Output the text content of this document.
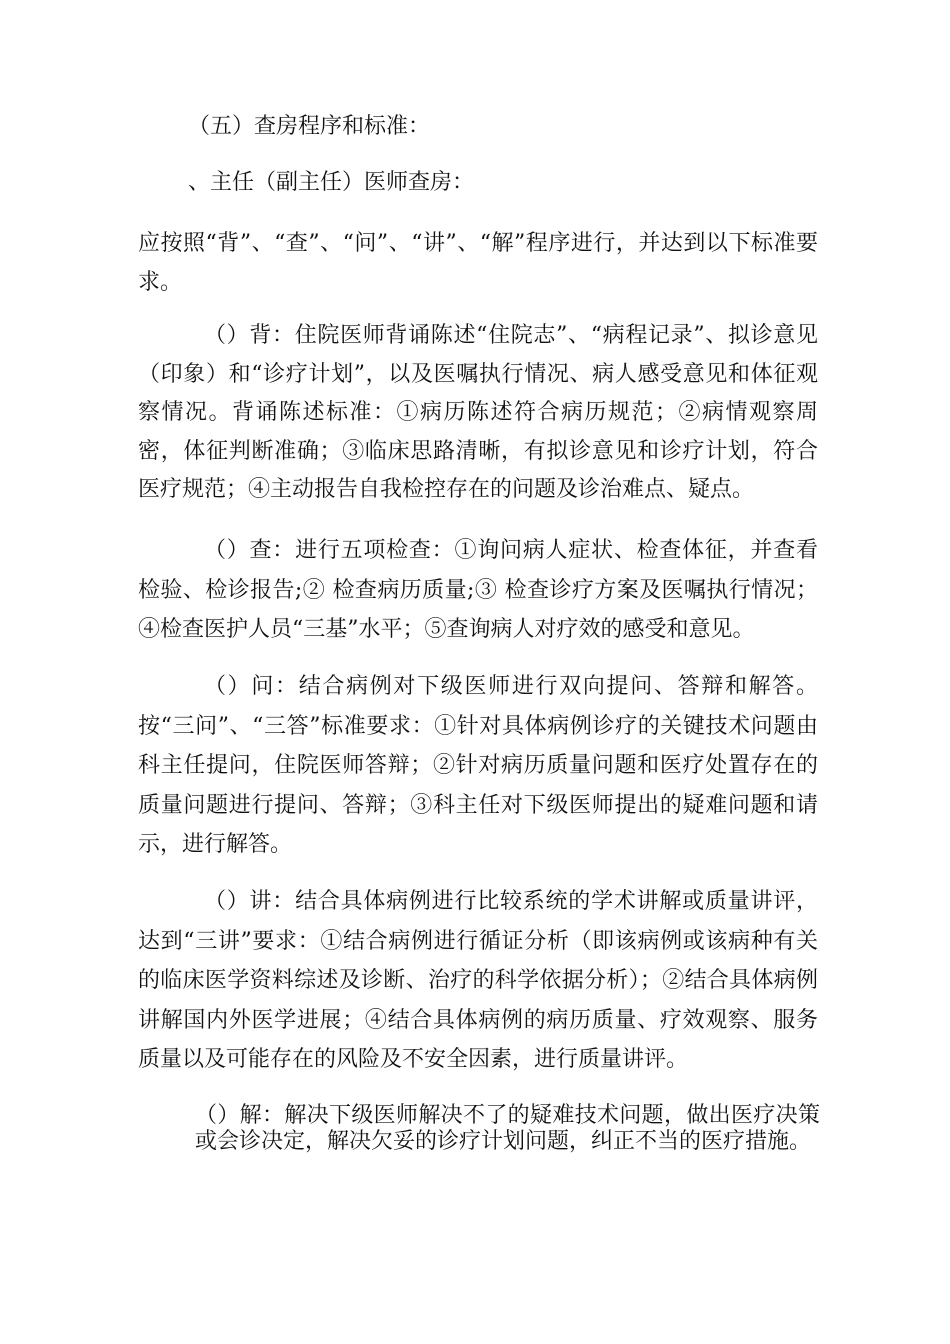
（五）查房程序和标准：
、主任（副主任）医师查房：
应按照“背”、“查”、“问”、“讲”、“解”程序进行，并达到以下标准要求。
（）背：住院医师背诵陈述“住院志”、“病程记录”、拟诊意见（印象）和“诊疗计划”，以及医嘱执行情况、病人感受意见和体征观察情况。背诵陈述标准：①病历陈述符合病历规范；②病情观察周密，体征判断准确；③临床思路清晰，有拟诊意见和诊疗计划，符合医疗规范；④主动报告自我检控存在的问题及诊治难点、疑点。
（）查：进行五项检查：①询问病人症状、检查体征，并查看检验、检诊报告;② 检查病历质量;③ 检查诊疗方案及医嘱执行情况；④检查医护人员“三基”水平；⑤查询病人对疗效的感受和意见。
（）问：结合病例对下级医师进行双向提问、答辩和解答。按“三问”、“三答”标准要求：①针对具体病例诊疗的关键技术问题由科主任提问，住院医师答辩；②针对病历质量问题和医疗处置存在的质量问题进行提问、答辩；③科主任对下级医师提出的疑难问题和请示，进行解答。
（）讲：结合具体病例进行比较系统的学术讲解或质量讲评，达到“三讲”要求：①结合病例进行循证分析（即该病例或该病种有关的临床医学资料综述及诊断、治疗的科学依据分析）；②结合具体病例讲解国内外医学进展；④结合具体病例的病历质量、疗效观察、服务质量以及可能存在的风险及不安全因素，进行质量讲评。
（）解：解决下级医师解决不了的疑难技术问题，做出医疗决策或会诊决定，解决欠妥的诊疗计划问题，纠正不当的医疗措施。
